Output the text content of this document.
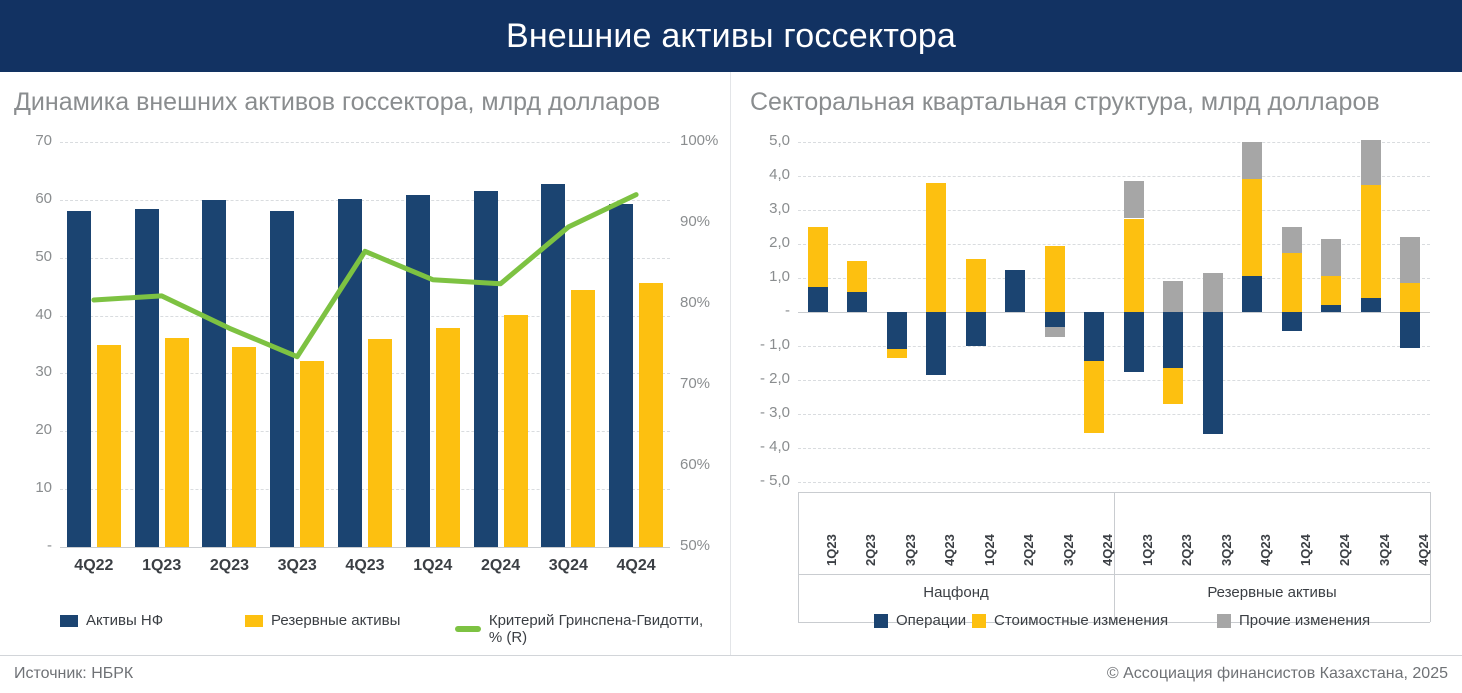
Внешние активы госсектора
Динамика внешних активов госсектора, млрд долларов
-
10
20
30
40
50
60
70
50%
60%
70%
80%
90%
100%
4Q22	1Q23	2Q23	3Q23	4Q23	1Q24	2Q24	3Q24	4Q24
Активы НФ	Резервные активы	Критерий Гринспена-Гвидотти, % (R)
Секторальная квартальная структура, млрд долларов
- 5,0
- 4,0
- 3,0
- 2,0
- 1,0
-
1,0
2,0
3,0
4,0
5,0
1Q23 2Q23 3Q23 4Q23 1Q24 2Q24 3Q24 4Q24 1Q23 2Q23 3Q23 4Q23 1Q24 2Q24 3Q24 4Q24
Нацфонд	Резервные активы
Операции Стоимостные изменения	Прочие изменения
Источник: НБРК	© Ассоциация финансистов Казахстана, 2025
